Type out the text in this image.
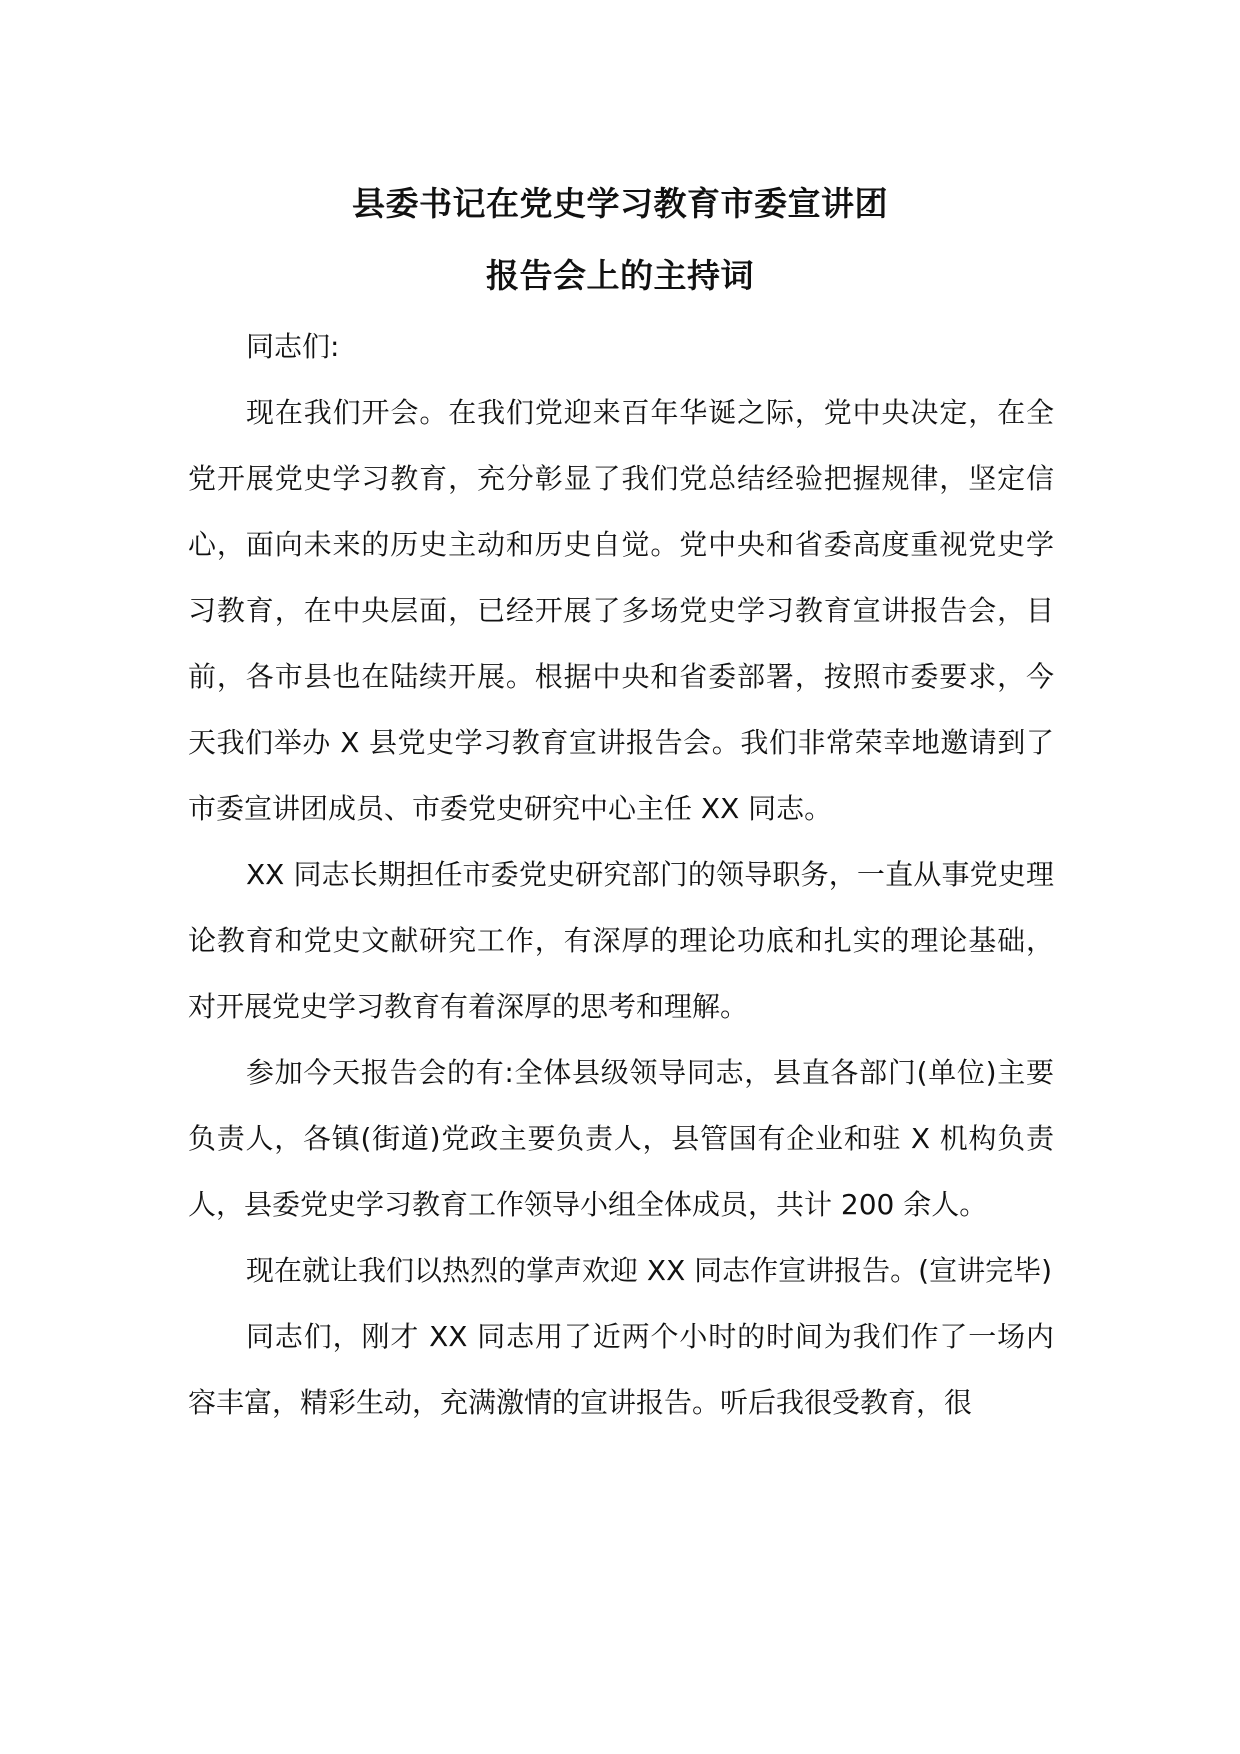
县委书记在党史学习教育市委宣讲团
报告会上的主持词

同志们:

现在我们开会。在我们党迎来百年华诞之际，党中央决定，在全党开展党史学习教育，充分彰显了我们党总结经验把握规律，坚定信心，面向未来的历史主动和历史自觉。党中央和省委高度重视党史学习教育，在中央层面，已经开展了多场党史学习教育宣讲报告会，目前，各市县也在陆续开展。根据中央和省委部署，按照市委要求，今天我们举办 X 县党史学习教育宣讲报告会。我们非常荣幸地邀请到了市委宣讲团成员、市委党史研究中心主任 XX 同志。

XX 同志长期担任市委党史研究部门的领导职务，一直从事党史理论教育和党史文献研究工作，有深厚的理论功底和扎实的理论基础，对开展党史学习教育有着深厚的思考和理解。

参加今天报告会的有:全体县级领导同志，县直各部门(单位)主要负责人，各镇(街道)党政主要负责人，县管国有企业和驻 X 机构负责人，县委党史学习教育工作领导小组全体成员，共计 200 余人。

现在就让我们以热烈的掌声欢迎 XX 同志作宣讲报告。(宣讲完毕)

同志们，刚才 XX 同志用了近两个小时的时间为我们作了一场内容丰富，精彩生动，充满激情的宣讲报告。听后我很受教育，很
